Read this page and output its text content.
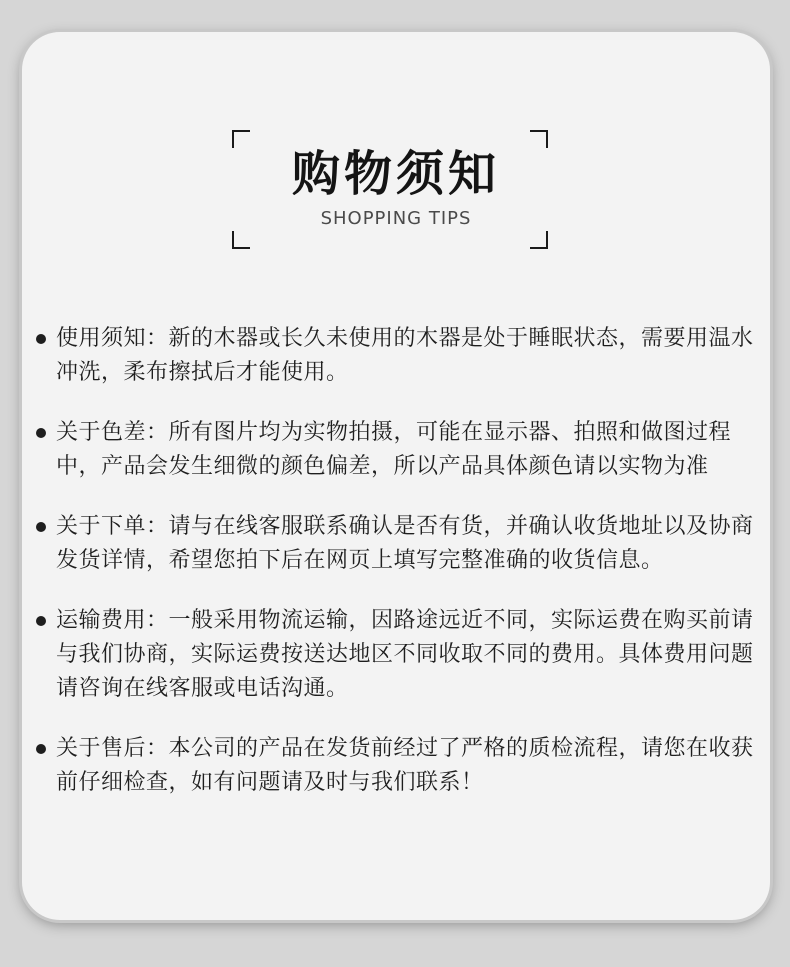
购物须知
SHOPPING TIPS
使用须知：新的木器或长久未使用的木器是处于睡眠状态，需要用温水冲洗，柔布擦拭后才能使用。
关于色差：所有图片均为实物拍摄，可能在显示器、拍照和做图过程中，产品会发生细微的颜色偏差，所以产品具体颜色请以实物为准
关于下单：请与在线客服联系确认是否有货，并确认收货地址以及协商发货详情，希望您拍下后在网页上填写完整准确的收货信息。
运输费用：一般采用物流运输，因路途远近不同，实际运费在购买前请与我们协商，实际运费按送达地区不同收取不同的费用。具体费用问题请咨询在线客服或电话沟通。
关于售后：本公司的产品在发货前经过了严格的质检流程，请您在收获前仔细检查，如有问题请及时与我们联系！
